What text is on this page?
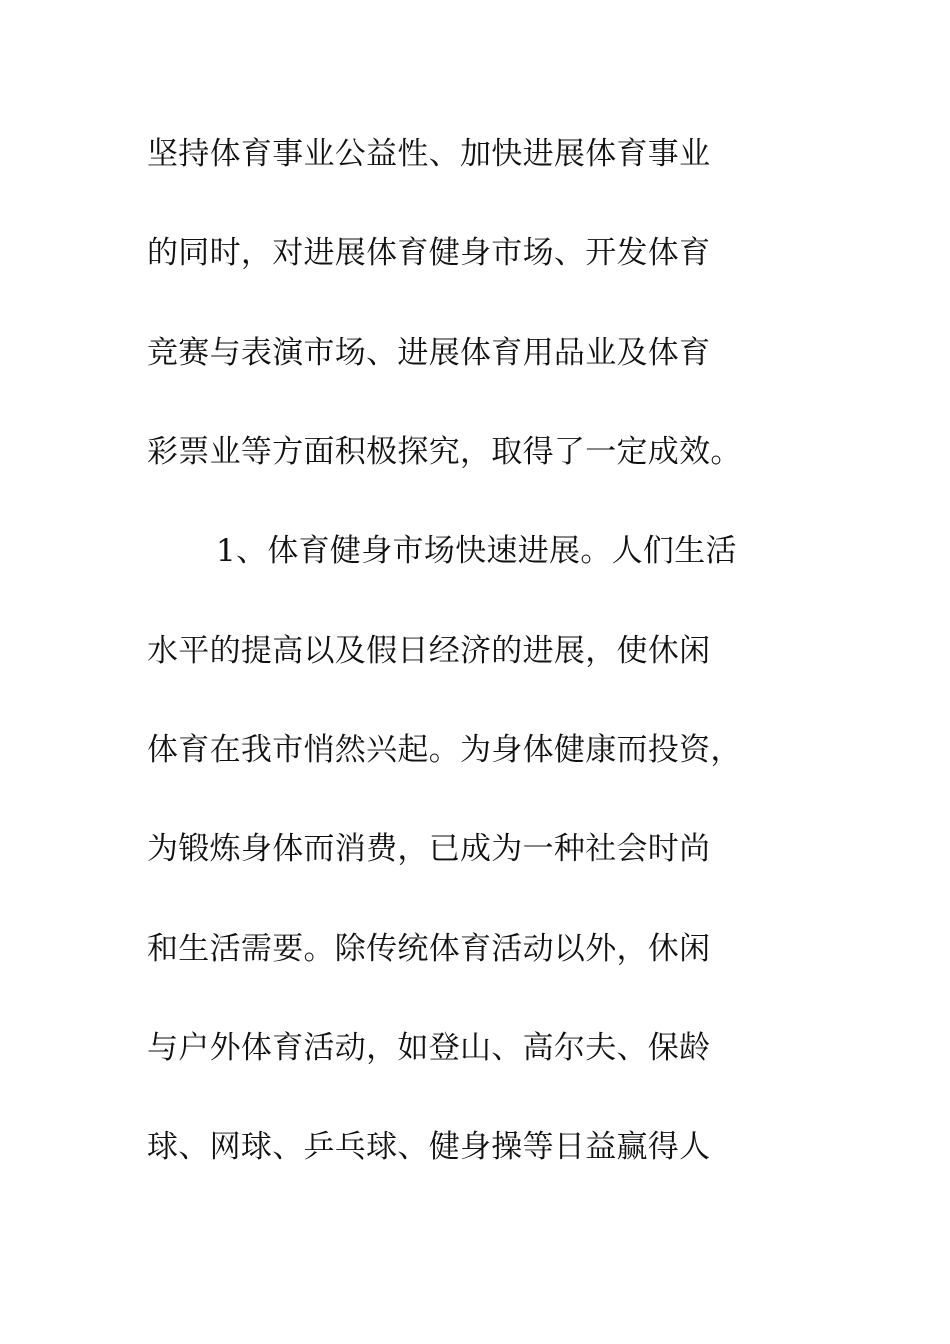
坚持体育事业公益性、加快进展体育事业
的同时，对进展体育健身市场、开发体育
竞赛与表演市场、进展体育用品业及体育
彩票业等方面积极探究，取得了一定成效。
1、体育健身市场快速进展。人们生活
水平的提高以及假日经济的进展，使休闲
体育在我市悄然兴起。为身体健康而投资，
为锻炼身体而消费，已成为一种社会时尚
和生活需要。除传统体育活动以外，休闲
与户外体育活动，如登山、高尔夫、保龄
球、网球、乒乓球、健身操等日益赢得人
